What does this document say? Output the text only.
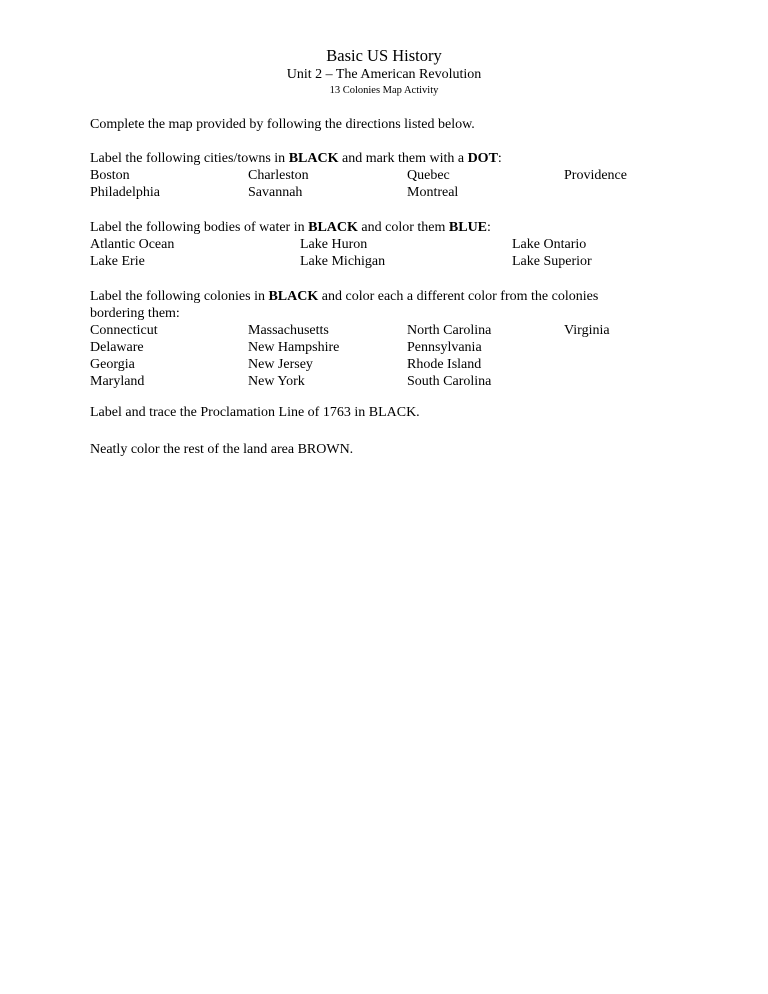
Basic US History
Unit 2 – The American Revolution
13 Colonies Map Activity
Complete the map provided by following the directions listed below.
Label the following cities/towns in BLACK and mark them with a DOT:
Boston	Charleston	Quebec	Providence
Philadelphia	Savannah	Montreal
Label the following bodies of water in BLACK and color them BLUE:
Atlantic Ocean	Lake Huron	Lake Ontario
Lake Erie	Lake Michigan	Lake Superior
Label the following colonies in BLACK and color each a different color from the colonies bordering them:
Connecticut	Massachusetts	North Carolina	Virginia
Delaware	New Hampshire	Pennsylvania
Georgia	New Jersey	Rhode Island
Maryland	New York	South Carolina
Label and trace the Proclamation Line of 1763 in BLACK.
Neatly color the rest of the land area BROWN.
